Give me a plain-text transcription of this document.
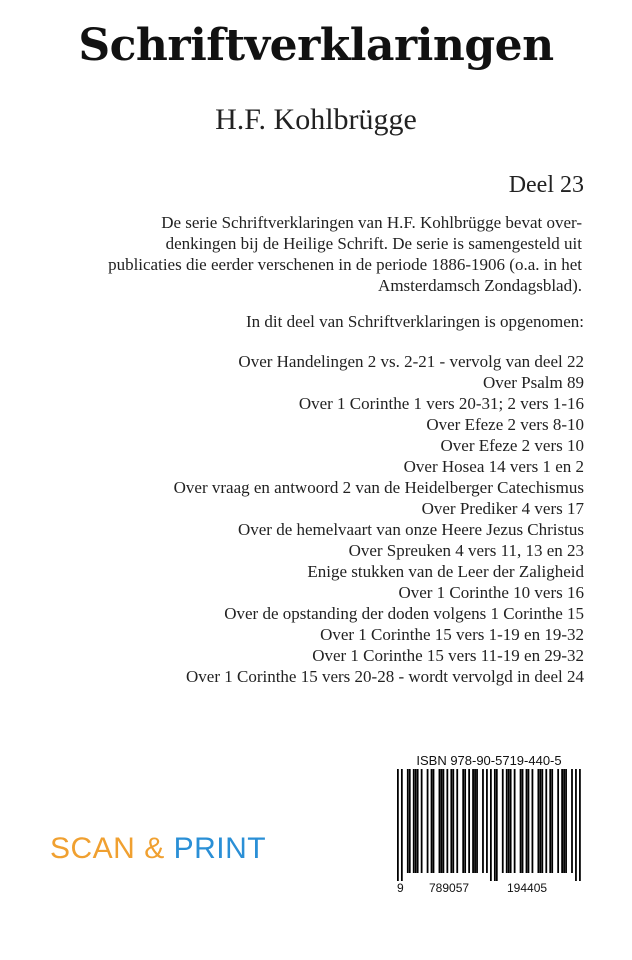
Schriftverklaringen
H.F. Kohlbrügge
Deel 23
De serie Schriftverklaringen van H.F. Kohlbrügge bevat over-
denkingen bij de Heilige Schrift. De serie is samengesteld uit
publicaties die eerder verschenen in de periode 1886-1906 (o.a. in het
Amsterdamsch Zondagsblad).
In dit deel van Schriftverklaringen is opgenomen:
Over Handelingen 2 vs. 2-21 - vervolg van deel 22
Over Psalm 89
Over 1 Corinthe 1 vers 20-31; 2 vers 1-16
Over Efeze 2 vers 8-10
Over Efeze 2 vers 10
Over Hosea 14 vers 1 en 2
Over vraag en antwoord 2 van de Heidelberger Catechismus
Over Prediker 4 vers 17
Over de hemelvaart van onze Heere Jezus Christus
Over Spreuken 4 vers 11, 13 en 23
Enige stukken van de Leer der Zaligheid
Over 1 Corinthe 10 vers 16
Over de opstanding der doden volgens 1 Corinthe 15
Over 1 Corinthe 15 vers 1-19 en 19-32
Over 1 Corinthe 15 vers 11-19 en 29-32
Over 1 Corinthe 15 vers 20-28 - wordt vervolgd in deel 24
SCAN & PRINT
ISBN 978-90-5719-440-5
9 789057	194405
